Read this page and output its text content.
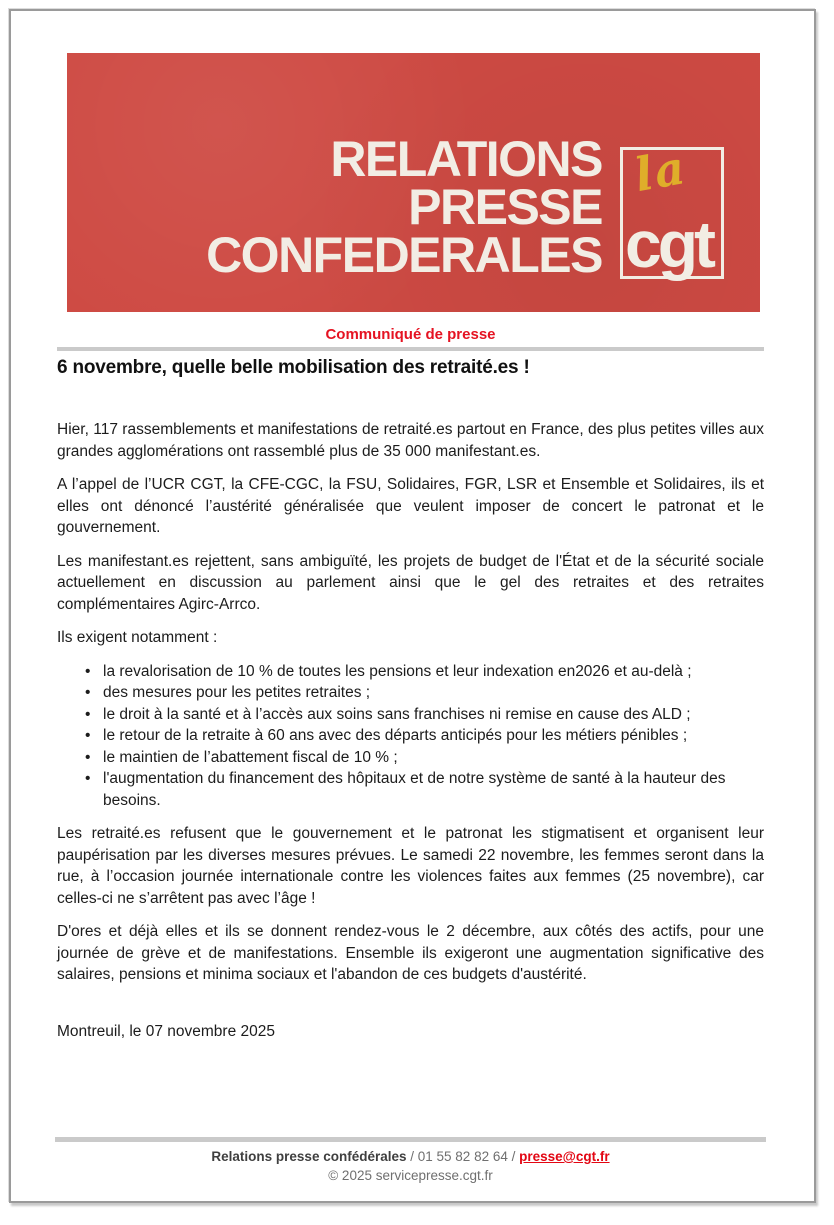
RELATIONS
PRESSE
CONFEDERALES
la
cgt
Communiqué de presse
6 novembre, quelle belle mobilisation des retraité.es !

Hier, 117 rassemblements et manifestations de retraité.es partout en France, des plus petites villes aux grandes agglomérations ont rassemblé plus de 35 000 manifestant.es.

A l’appel de l’UCR CGT, la CFE-CGC, la FSU, Solidaires, FGR, LSR et Ensemble et Solidaires, ils et elles ont dénoncé l’austérité généralisée que veulent imposer de concert le patronat et le gouvernement.

Les manifestant.es rejettent, sans ambiguïté, les projets de budget de l'État et de la sécurité sociale actuellement en discussion au parlement ainsi que le gel des retraites et des retraites complémentaires Agirc-Arrco.

Ils exigent notamment :
• la revalorisation de 10 % de toutes les pensions et leur indexation en2026 et au-delà ;
• des mesures pour les petites retraites ;
• le droit à la santé et à l’accès aux soins sans franchises ni remise en cause des ALD ;
• le retour de la retraite à 60 ans avec des départs anticipés pour les métiers pénibles ;
• le maintien de l’abattement fiscal de 10 % ;
• l'augmentation du financement des hôpitaux et de notre système de santé à la hauteur des besoins.

Les retraité.es refusent que le gouvernement et le patronat les stigmatisent et organisent leur paupérisation par les diverses mesures prévues. Le samedi 22 novembre, les femmes seront dans la rue, à l’occasion journée internationale contre les violences faites aux femmes (25 novembre), car celles-ci ne s’arrêtent pas avec l’âge !

D'ores et déjà elles et ils se donnent rendez-vous le 2 décembre, aux côtés des actifs, pour une journée de grève et de manifestations. Ensemble ils exigeront une augmentation significative des salaires, pensions et minima sociaux et l'abandon de ces budgets d'austérité.

Montreuil, le 07 novembre 2025
Relations presse confédérales / 01 55 82 82 64 / presse@cgt.fr
© 2025 servicepresse.cgt.fr
